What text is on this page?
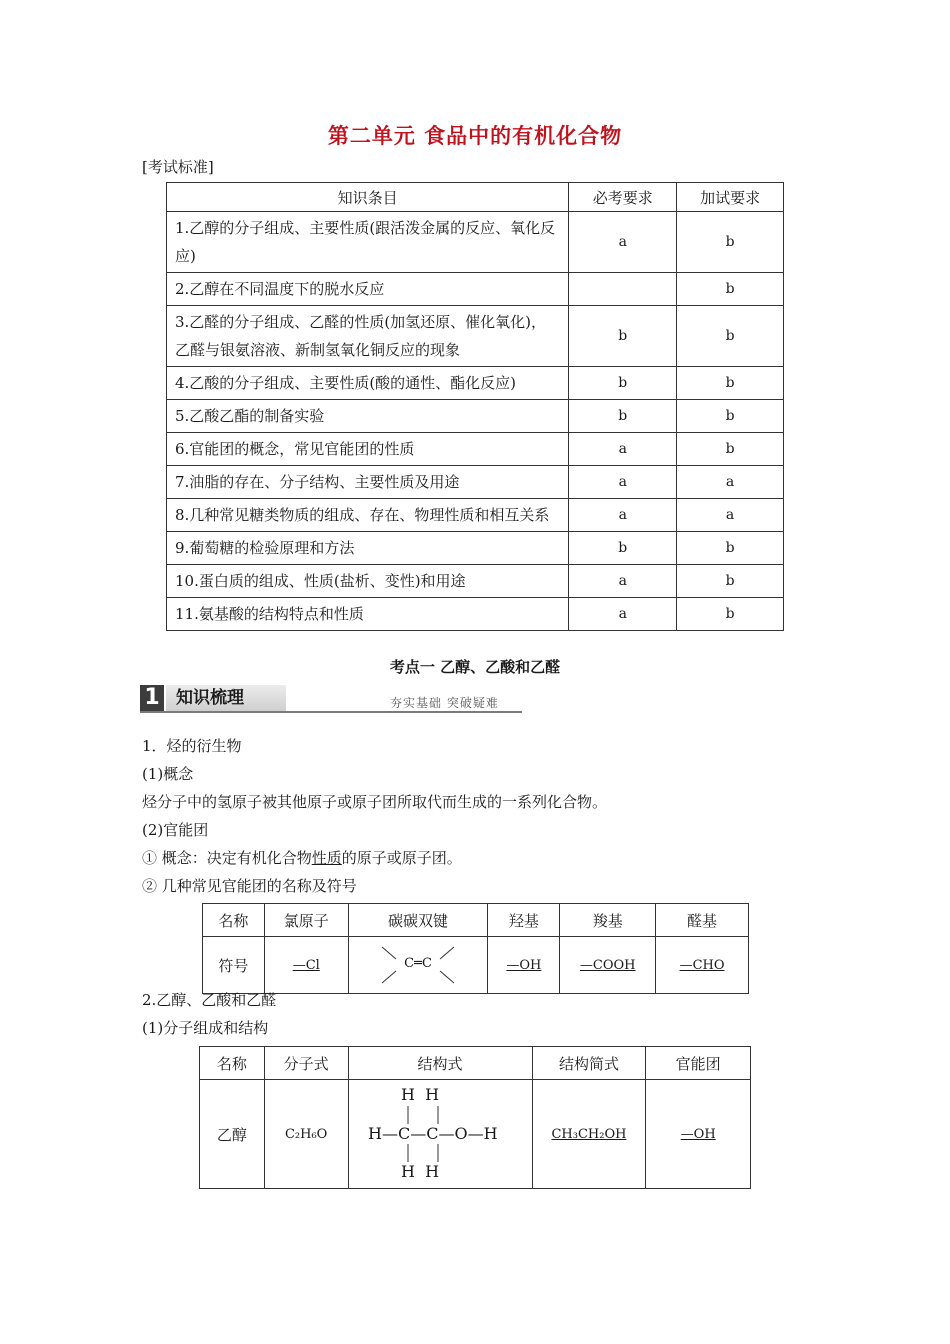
第二单元 食品中的有机化合物
[考试标准]
知识条目	必考要求	加试要求
1.乙醇的分子组成、主要性质(跟活泼金属的反应、氧化反应)	a	b
2.乙醇在不同温度下的脱水反应		b
3.乙醛的分子组成、乙醛的性质(加氢还原、催化氧化)，乙醛与银氨溶液、新制氢氧化铜反应的现象	b	b
4.乙酸的分子组成、主要性质(酸的通性、酯化反应)	b	b
5.乙酸乙酯的制备实验	b	b
6.官能团的概念，常见官能团的性质	a	b
7.油脂的存在、分子结构、主要性质及用途	a	a
8.几种常见糖类物质的组成、存在、物理性质和相互关系	a	a
9.葡萄糖的检验原理和方法	b	b
10.蛋白质的组成、性质(盐析、变性)和用途	a	b
11.氨基酸的结构特点和性质	a	b
考点一 乙醇、乙酸和乙醛
1 知识梳理	夯实基础 突破疑难
1．烃的衍生物
(1)概念
烃分子中的氢原子被其他原子或原子团所取代而生成的一系列化合物。
(2)官能团
① 概念：决定有机化合物性质的原子或原子团。
② 几种常见官能团的名称及符号
名称	氯原子	碳碳双键	羟基	羧基	醛基
符号	—Cl	C═C	—OH	—COOH	—CHO
2.乙醇、乙酸和乙醛
(1)分子组成和结构
名称	分子式	结构式	结构简式	官能团
乙醇	C₂H₆O	H  H
H—C—C—O—H
H  H	CH₃CH₂OH	—OH
